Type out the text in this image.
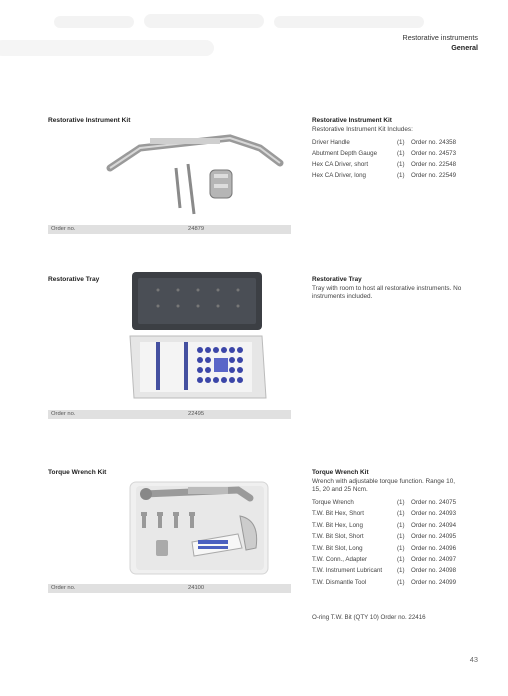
Restorative instruments
General
Restorative Instrument Kit	Restorative Instrument Kit
Restorative Instrument Kit Includes:
Driver Handle	(1)	Order no. 24358
Abutment Depth Gauge	(1)	Order no. 24573
Hex CA Driver, short	(1)	Order no. 22548
Hex CA Driver, long	(1)	Order no. 22549
Order no.	24879
Restorative Tray	Restorative Tray
Tray with room to host all restorative instruments. No instruments included.
Order no.	22495
Torque Wrench Kit	Torque Wrench Kit
Wrench with adjustable torque function. Range 10, 15, 20 and 25 Ncm.
Torque Wrench	(1)	Order no. 24075
T.W. Bit Hex, Short	(1)	Order no. 24093
T.W. Bit Hex, Long	(1)	Order no. 24094
T.W. Bit Slot, Short	(1)	Order no. 24095
T.W. Bit Slot, Long	(1)	Order no. 24096
T.W. Conn., Adapter	(1)	Order no. 24097
T.W. Instrument Lubricant	(1)	Order no. 24098
T.W. Dismantle Tool	(1)	Order no. 24099
Order no.	24100
O-ring T.W. Bit (QTY 10) Order no. 22416
43
